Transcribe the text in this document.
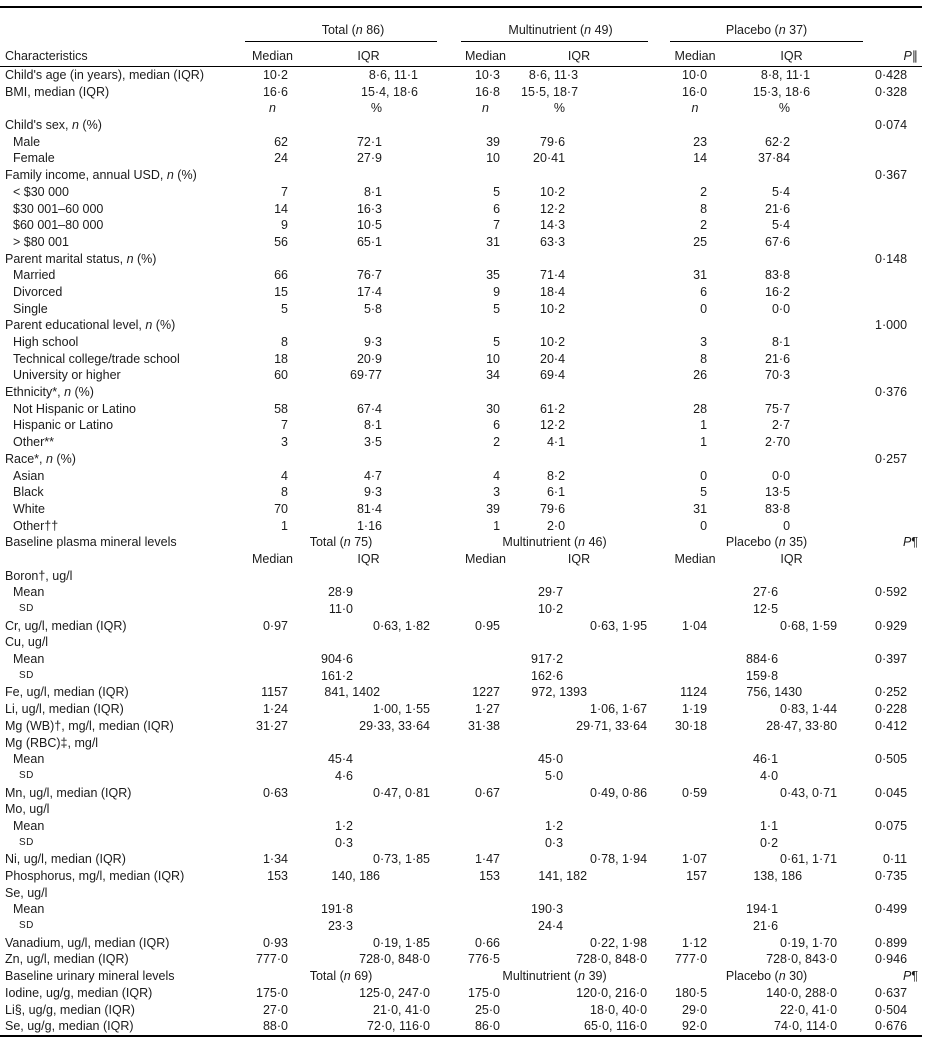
	Total (n 86)			Multinutrient (n 49)			Placebo (n 37)		
Characteristics	Median	IQR		Median	IQR		Median	IQR	P∥
Child's age (in years), median (IQR)	10·2	8·6, 11·1		10·3	8·6, 11·3		10·0	8·8, 11·1	0·428
BMI, median (IQR)	16·6	15·4, 18·6		16·8	15·5, 18·7		16·0	15·3, 18·6	0·328
	n	%		n	%		n	%	
Child's sex, n (%)									0·074
Male	62	72·1		39	79·6		23	62·2	
Female	24	27·9		10	20·41		14	37·84	
Family income, annual USD, n (%)									0·367
< $30 000	7	8·1		5	10·2		2	5·4	
$30 001–60 000	14	16·3		6	12·2		8	21·6	
$60 001–80 000	9	10·5		7	14·3		2	5·4	
> $80 001	56	65·1		31	63·3		25	67·6	
Parent marital status, n (%)									0·148
Married	66	76·7		35	71·4		31	83·8	
Divorced	15	17·4		9	18·4		6	16·2	
Single	5	5·8		5	10·2		0	0·0	
Parent educational level, n (%)									1·000
High school	8	9·3		5	10·2		3	8·1	
Technical college/trade school	18	20·9		10	20·4		8	21·6	
University or higher	60	69·77		34	69·4		26	70·3	
Ethnicity*, n (%)									0·376
Not Hispanic or Latino	58	67·4		30	61·2		28	75·7	
Hispanic or Latino	7	8·1		6	12·2		1	2·7	
Other**	3	3·5		2	4·1		1	2·70	
Race*, n (%)									0·257
Asian	4	4·7		4	8·2		0	0·0	
Black	8	9·3		3	6·1		5	13·5	
White	70	81·4		39	79·6		31	83·8	
Other††	1	1·16		1	2·0		0	0	
Baseline plasma mineral levels	Total (n 75)			Multinutrient (n 46)			Placebo (n 35)		P¶
	Median	IQR		Median	IQR		Median	IQR	
Boron†, ug/l									
Mean		28·9			29·7			27·6	0·592
SD		11·0			10·2			12·5	
Cr, ug/l, median (IQR)	0·97	0·63, 1·82		0·95	0·63, 1·95		1·04	0·68, 1·59	0·929
Cu, ug/l									
Mean		904·6			917·2			884·6	0·397
SD		161·2			162·6			159·8	
Fe, ug/l, median (IQR)	1157	841, 1402		1227	972, 1393		1124	756, 1430	0·252
Li, ug/l, median (IQR)	1·24	1·00, 1·55		1·27	1·06, 1·67		1·19	0·83, 1·44	0·228
Mg (WB)†, mg/l, median (IQR)	31·27	29·33, 33·64		31·38	29·71, 33·64		30·18	28·47, 33·80	0·412
Mg (RBC)‡, mg/l									
Mean		45·4			45·0			46·1	0·505
SD		4·6			5·0			4·0	
Mn, ug/l, median (IQR)	0·63	0·47, 0·81		0·67	0·49, 0·86		0·59	0·43, 0·71	0·045
Mo, ug/l									
Mean		1·2			1·2			1·1	0·075
SD		0·3			0·3			0·2	
Ni, ug/l, median (IQR)	1·34	0·73, 1·85		1·47	0·78, 1·94		1·07	0·61, 1·71	0·11
Phosphorus, mg/l, median (IQR)	153	140, 186		153	141, 182		157	138, 186	0·735
Se, ug/l									
Mean		191·8			190·3			194·1	0·499
SD		23·3			24·4			21·6	
Vanadium, ug/l, median (IQR)	0·93	0·19, 1·85		0·66	0·22, 1·98		1·12	0·19, 1·70	0·899
Zn, ug/l, median (IQR)	777·0	728·0, 848·0		776·5	728·0, 848·0		777·0	728·0, 843·0	0·946
Baseline urinary mineral levels	Total (n 69)			Multinutrient (n 39)			Placebo (n 30)		P¶
Iodine, ug/g, median (IQR)	175·0	125·0, 247·0		175·0	120·0, 216·0		180·5	140·0, 288·0	0·637
Li§, ug/g, median (IQR)	27·0	21·0, 41·0		25·0	18·0, 40·0		29·0	22·0, 41·0	0·504
Se, ug/g, median (IQR)	88·0	72·0, 116·0		86·0	65·0, 116·0		92·0	74·0, 114·0	0·676
